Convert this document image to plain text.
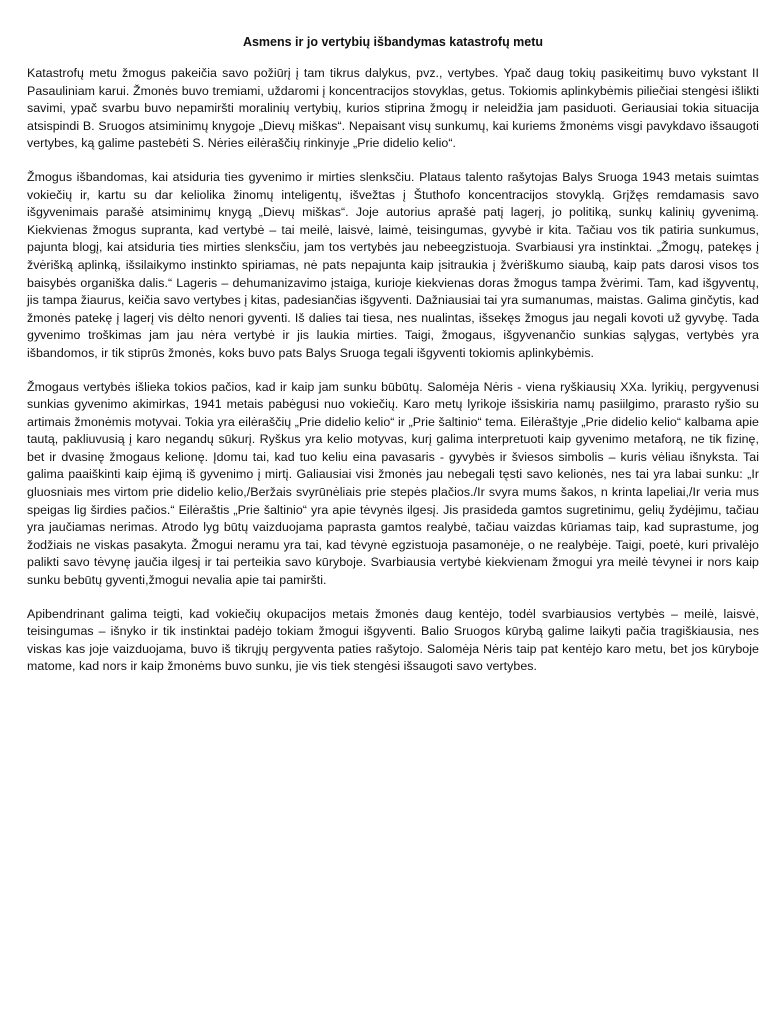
Asmens ir jo vertybių išbandymas katastrofų metu

Katastrofų metu žmogus pakeičia savo požiūrį į tam tikrus dalykus, pvz., vertybes. Ypač daug tokių pasikeitimų buvo vykstant II Pasauliniam karui. Žmonės buvo tremiami, uždaromi į koncentracijos stovyklas, getus. Tokiomis aplinkybėmis piliečiai stengėsi išlikti savimi, ypač svarbu buvo nepamiršti moralinių vertybių, kurios stiprina žmogų ir neleidžia jam pasiduoti. Geriausiai tokia situacija atsispindi B. Sruogos atsiminimų knygoje „Dievų miškas“. Nepaisant visų sunkumų, kai kuriems žmonėms visgi pavykdavo išsaugoti vertybes, ką galime pastebėti S. Nėries eilėraščių rinkinyje „Prie didelio kelio“.

Žmogus išbandomas, kai atsiduria ties gyvenimo ir mirties slenksčiu. Plataus talento rašytojas Balys Sruoga 1943 metais suimtas vokiečių ir, kartu su dar keliolika žinomų inteligentų, išvežtas į Štuthofo koncentracijos stovyklą. Grįžęs remdamasis savo išgyvenimais parašė atsiminimų knygą „Dievų miškas“. Joje autorius aprašė patį lagerį, jo politiką, sunkų kalinių gyvenimą. Kiekvienas žmogus supranta, kad vertybė – tai meilė, laisvė, laimė, teisingumas, gyvybė ir kita. Tačiau vos tik patiria sunkumus, pajunta blogį, kai atsiduria ties mirties slenksčiu, jam tos vertybės jau nebeegzistuoja. Svarbiausi yra instinktai. „Žmogų, patekęs į žvėrišką aplinką, išsilaikymo instinkto spiriamas, nė pats nepajunta kaip įsitraukia į žvėriškumo siaubą, kaip pats darosi visos tos baisybės organiška dalis.“ Lageris – dehumanizavimo įstaiga, kurioje kiekvienas doras žmogus tampa žvėrimi. Tam, kad išgyventų, jis tampa žiaurus, keičia savo vertybes į kitas, padesiančias išgyventi. Dažniausiai tai yra sumanumas, maistas. Galima ginčytis, kad žmonės patekę į lagerį vis dėlto nenori gyventi. Iš dalies tai tiesa, nes nualintas, išsekęs žmogus jau negali kovoti už gyvybę. Tada gyvenimo troškimas jam jau nėra vertybė ir jis laukia mirties. Taigi, žmogaus, išgyvenančio sunkias sąlygas, vertybės yra išbandomos, ir tik stiprūs žmonės, koks buvo pats Balys Sruoga tegali išgyventi tokiomis aplinkybėmis.

Žmogaus vertybės išlieka tokios pačios, kad ir kaip jam sunku būbūtų. Salomėja Nėris - viena ryškiausių XXa. lyrikių, pergyvenusi sunkias gyvenimo akimirkas, 1941 metais pabėgusi nuo vokiečių. Karo metų lyrikoje išsiskiria namų pasiilgimo, prarasto ryšio su artimais žmonėmis motyvai. Tokia yra eilėraščių „Prie didelio kelio“ ir „Prie šaltinio“ tema. Eilėraštyje „Prie didelio kelio“ kalbama apie tautą, pakliuvusią į karo negandų sūkurį. Ryškus yra kelio motyvas, kurį galima interpretuoti kaip gyvenimo metaforą, ne tik fizinę, bet ir dvasinę žmogaus kelionę. Įdomu tai, kad tuo keliu eina pavasaris - gyvybės ir šviesos simbolis – kuris vėliau išnyksta. Tai galima paaiškinti kaip ėjimą iš gyvenimo į mirtį. Galiausiai visi žmonės jau nebegali tęsti savo kelionės, nes tai yra labai sunku: „Ir gluosniais mes virtom prie didelio kelio,/Beržais svyrūnėliais prie stepės plačios./Ir svyra mums šakos, n krinta lapeliai,/Ir veria mus speigas lig širdies pačios.“ Eilėraštis „Prie šaltinio“ yra apie tėvynės ilgesį. Jis prasideda gamtos sugretinimu, gelių žydėjimu, tačiau yra jaučiamas nerimas. Atrodo lyg būtų vaizduojama paprasta gamtos realybė, tačiau vaizdas kūriamas taip, kad suprastume, jog žodžiais ne viskas pasakyta. Žmogui neramu yra tai, kad tėvynė egzistuoja pasamonėje, o ne realybėje. Taigi, poetė, kuri privalėjo palikti savo tėvynę jaučia ilgesį ir tai perteikia savo kūryboje. Svarbiausia vertybė kiekvienam žmogui yra meilė tėvynei ir nors kaip sunku bebūtų gyventi,žmogui nevalia apie tai pamiršti.

Apibendrinant galima teigti, kad vokiečių okupacijos metais žmonės daug kentėjo, todėl svarbiausios vertybės – meilė, laisvė, teisingumas – išnyko ir tik instinktai padėjo tokiam žmogui išgyventi. Balio Sruogos kūrybą galime laikyti pačia tragiškiausia, nes viskas kas joje vaizduojama, buvo iš tikrųjų pergyventa paties rašytojo. Salomėja Nėris taip pat kentėjo karo metu, bet jos kūryboje matome, kad nors ir kaip žmonėms buvo sunku, jie vis tiek stengėsi išsaugoti savo vertybes.
